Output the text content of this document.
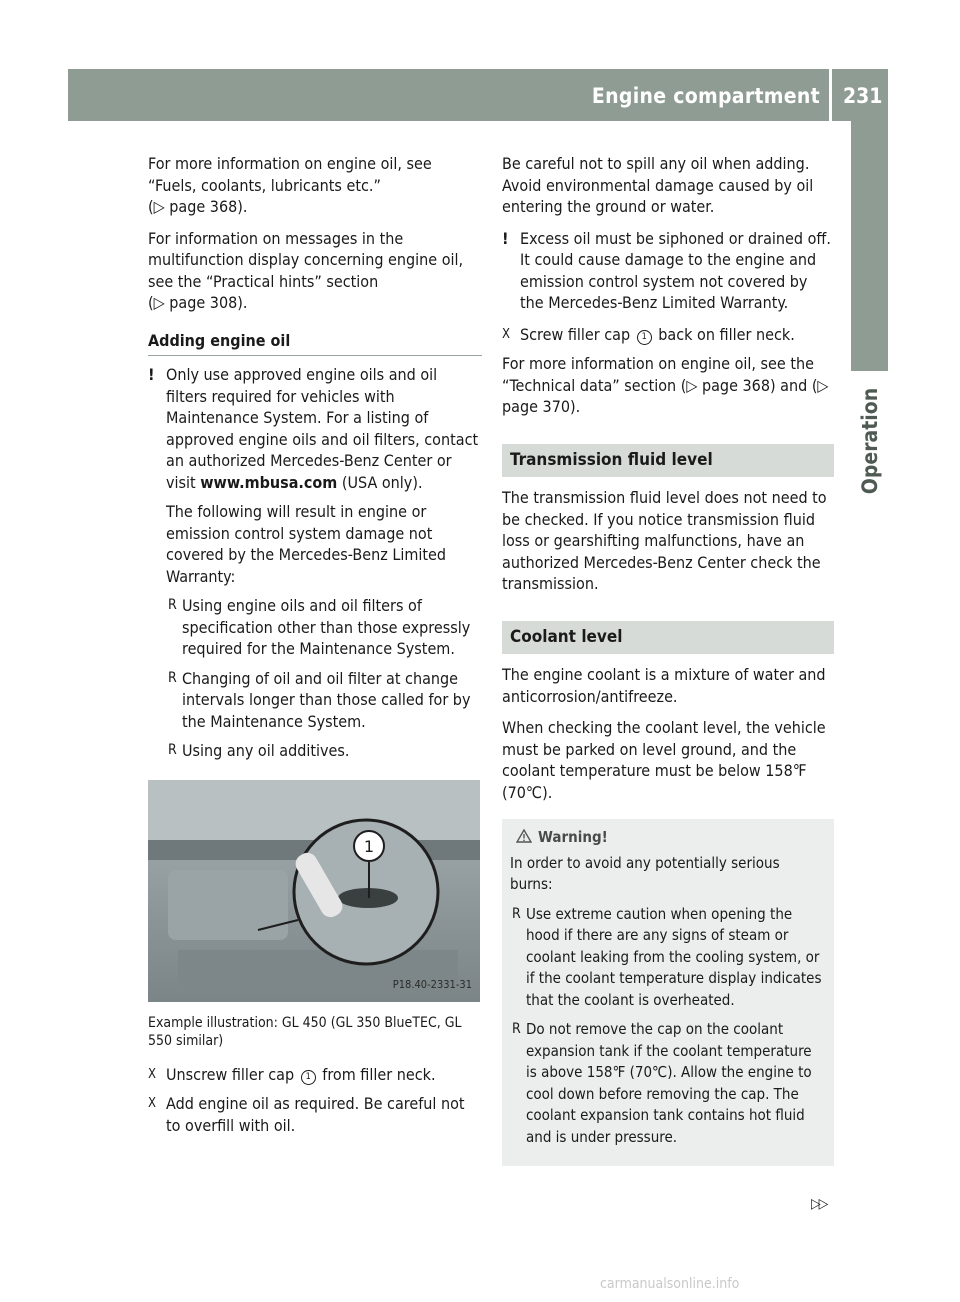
Engine compartment 231
Operation

For more information on engine oil, see “Fuels, coolants, lubricants etc.”
(▷ page 368).

For information on messages in the multifunction display concerning engine oil, see the “Practical hints” section
(▷ page 308).

Adding engine oil
! Only use approved engine oils and oil filters required for vehicles with Maintenance System. For a listing of approved engine oils and oil filters, contact an authorized Mercedes-Benz Center or visit www.mbusa.com (USA only).

The following will result in engine or emission control system damage not covered by the Mercedes-Benz Limited Warranty:

R Using engine oils and oil filters of specification other than those expressly required for the Maintenance System.
R Changing of oil and oil filter at change intervals longer than those called for by the Maintenance System.
R Using any oil additives.
1
P18.40-2331-31
Example illustration: GL 450 (GL 350 BlueTEC, GL 550 similar)
X Unscrew filler cap 1 from filler neck.
X Add engine oil as required. Be careful not to overfill with oil.

Be careful not to spill any oil when adding. Avoid environmental damage caused by oil entering the ground or water.

! Excess oil must be siphoned or drained off. It could cause damage to the engine and emission control system not covered by the Mercedes-Benz Limited Warranty.

X Screw filler cap 1 back on filler neck.

For more information on engine oil, see the “Technical data” section (▷ page 368) and (▷ page 370).

Transmission fluid level

The transmission fluid level does not need to be checked. If you notice transmission fluid loss or gearshifting malfunctions, have an authorized Mercedes-Benz Center check the transmission.

Coolant level

The engine coolant is a mixture of water and anticorrosion/antifreeze.

When checking the coolant level, the vehicle must be parked on level ground, and the coolant temperature must be below 158℉ (70℃).

Warning!

In order to avoid any potentially serious burns:

R Use extreme caution when opening the hood if there are any signs of steam or coolant leaking from the cooling system, or if the coolant temperature display indicates that the coolant is overheated.
R Do not remove the cap on the coolant expansion tank if the coolant temperature is above 158℉ (70℃). Allow the engine to cool down before removing the cap. The coolant expansion tank contains hot fluid and is under pressure.
▷▷
carmanualsonline.info
